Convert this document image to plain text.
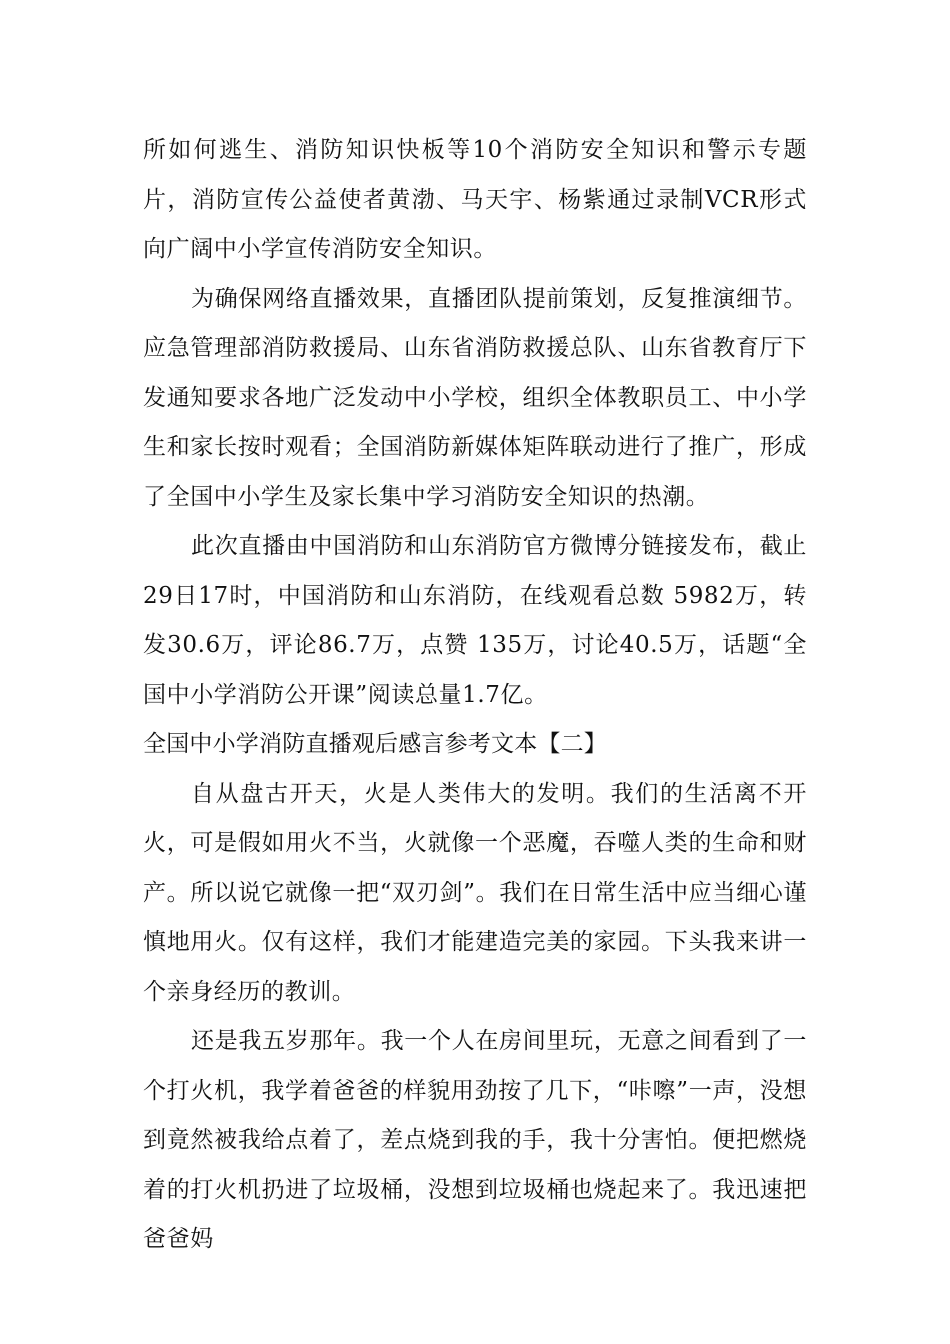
所如何逃生、消防知识快板等10个消防安全知识和警示专题片，消防宣传公益使者黄渤、马天宇、杨紫通过录制VCR形式向广阔中小学宣传消防安全知识。

为确保网络直播效果，直播团队提前策划，反复推演细节。应急管理部消防救援局、山东省消防救援总队、山东省教育厅下发通知要求各地广泛发动中小学校，组织全体教职员工、中小学生和家长按时观看；全国消防新媒体矩阵联动进行了推广，形成了全国中小学生及家长集中学习消防安全知识的热潮。

此次直播由中国消防和山东消防官方微博分链接发布，截止29日17时，中国消防和山东消防，在线观看总数 5982万，转发30.6万，评论86.7万，点赞 135万，讨论40.5万，话题“全国中小学消防公开课”阅读总量1.7亿。

全国中小学消防直播观后感言参考文本【二】

自从盘古开天，火是人类伟大的发明。我们的生活离不开火，可是假如用火不当，火就像一个恶魔，吞噬人类的生命和财产。所以说它就像一把“双刃剑”。我们在日常生活中应当细心谨慎地用火。仅有这样，我们才能建造完美的家园。下头我来讲一个亲身经历的教训。

还是我五岁那年。我一个人在房间里玩，无意之间看到了一个打火机，我学着爸爸的样貌用劲按了几下，“咔嚓”一声，没想到竟然被我给点着了，差点烧到我的手，我十分害怕。便把燃烧着的打火机扔进了垃圾桶，没想到垃圾桶也烧起来了。我迅速把爸爸妈
